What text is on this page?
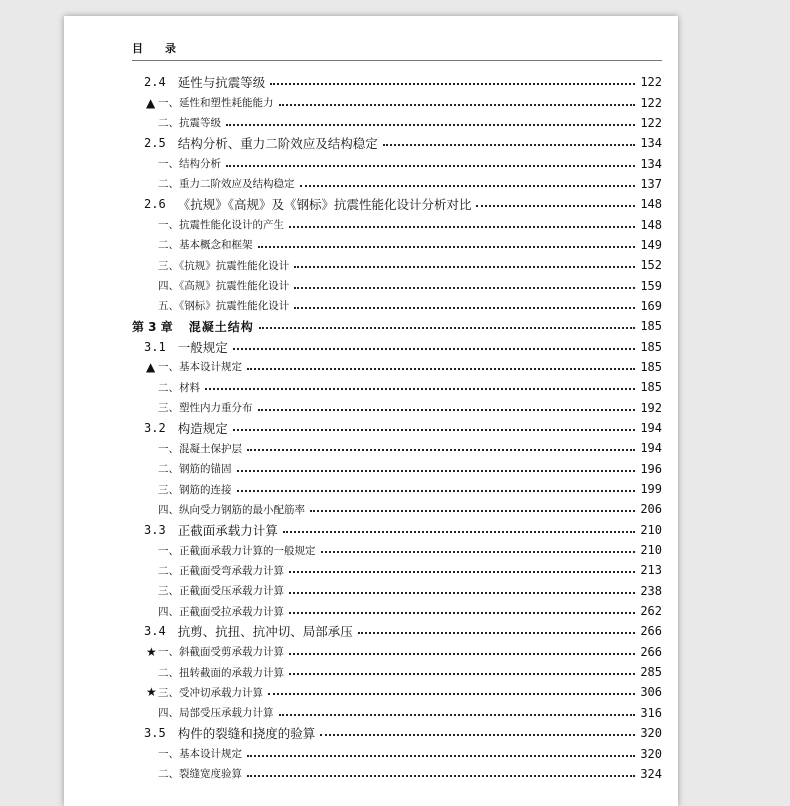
目 录
2.4 延性与抗震等级	122
▲ 一、延性和塑性耗能能力	122
二、抗震等级	122
2.5 结构分析、重力二阶效应及结构稳定	134
一、结构分析	134
二、重力二阶效应及结构稳定	137
2.6 《抗规》《高规》及《钢标》抗震性能化设计分析对比	148
一、抗震性能化设计的产生	148
二、基本概念和框架	149
三、《抗规》抗震性能化设计	152
四、《高规》抗震性能化设计	159
五、《钢标》抗震性能化设计	169
第 3 章 混凝土结构	185
3.1 一般规定	185
▲ 一、基本设计规定	185
二、材料	185
三、塑性内力重分布	192
3.2 构造规定	194
一、混凝土保护层	194
二、钢筋的锚固	196
三、钢筋的连接	199
四、纵向受力钢筋的最小配筋率	206
3.3 正截面承载力计算	210
一、正截面承载力计算的一般规定	210
二、正截面受弯承载力计算	213
三、正截面受压承载力计算	238
四、正截面受拉承载力计算	262
3.4 抗剪、抗扭、抗冲切、局部承压	266
★ 一、斜截面受剪承载力计算	266
二、扭转截面的承载力计算	285
★ 三、受冲切承载力计算	306
四、局部受压承载力计算	316
3.5 构件的裂缝和挠度的验算	320
一、基本设计规定	320
二、裂缝宽度验算	324
